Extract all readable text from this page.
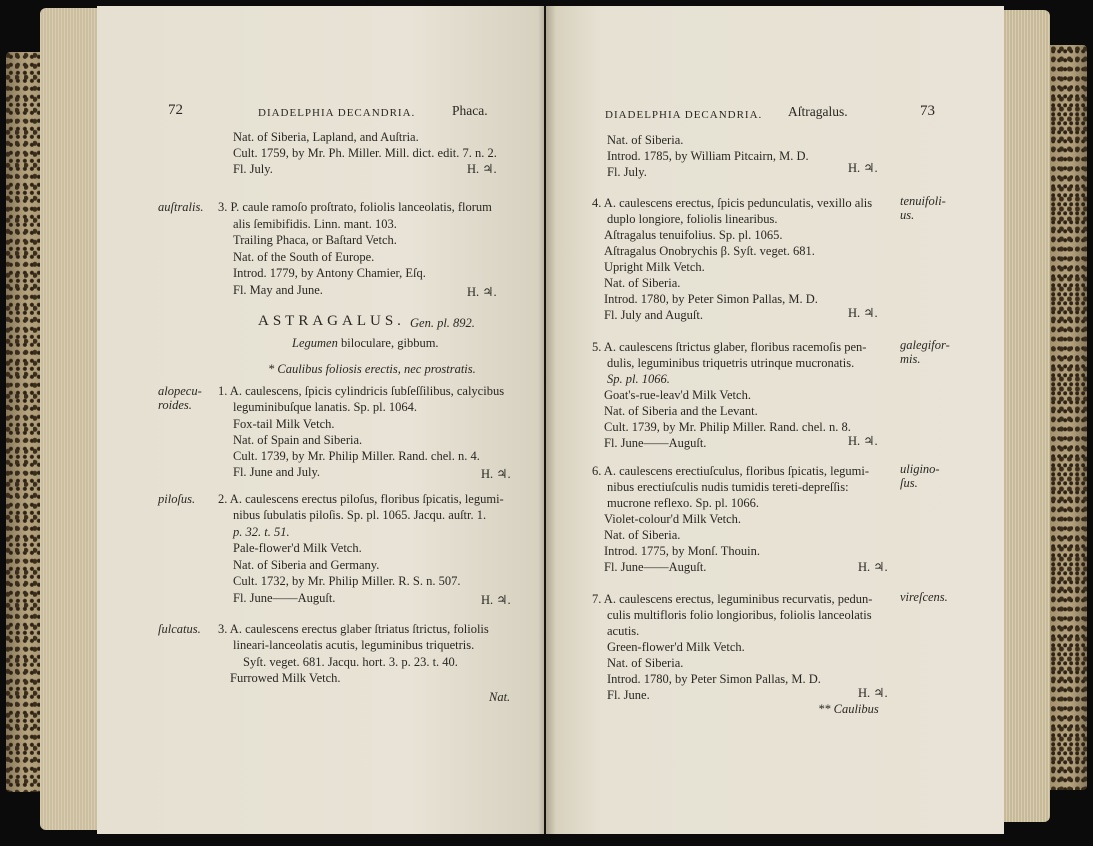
72	DIADELPHIA DECANDRIA.	Phaca.
Nat. of Siberia, Lapland, and Auſtria.
Cult. 1759, by Mr. Ph. Miller. Mill. dict. edit. 7. n. 2.
Fl. July.	H. ♃.
auſtralis. 3. P. caule ramoſo proſtrato, foliolis lanceolatis, florum
alis ſemibifidis. Linn. mant. 103.
Trailing Phaca, or Baſtard Vetch.
Nat. of the South of Europe.
Introd. 1779, by Antony Chamier, Eſq.
Fl. May and June.	H. ♃.
ASTRAGALUS. Gen. pl. 892.
Legumen biloculare, gibbum.
* Caulibus foliosis erectis, nec prostratis.
alopecu-
roides.
1. A. caulescens, ſpicis cylindricis ſubſeſſilibus, calycibus
leguminibuſque lanatis. Sp. pl. 1064.
Fox-tail Milk Vetch.
Nat. of Spain and Siberia.
Cult. 1739, by Mr. Philip Miller. Rand. chel. n. 4.
Fl. June and July.	H. ♃.
piloſus. 2. A. caulescens erectus piloſus, floribus ſpicatis, legumi-
nibus ſubulatis piloſis. Sp. pl. 1065. Jacqu. auſtr. 1.
p. 32. t. 51.
Pale-flower'd Milk Vetch.
Nat. of Siberia and Germany.
Cult. 1732, by Mr. Philip Miller. R. S. n. 507.
Fl. June——Auguſt.	H. ♃.
ſulcatus. 3. A. caulescens erectus glaber ſtriatus ſtrictus, foliolis
lineari-lanceolatis acutis, leguminibus triquetris.
Syſt. veget. 681. Jacqu. hort. 3. p. 23. t. 40.
Furrowed Milk Vetch.
Nat.
DIADELPHIA DECANDRIA. Aſtragalus.	73
Nat. of Siberia.
Introd. 1785, by William Pitcairn, M. D.
Fl. July.	H. ♃.
tenuifoli-
us.
4. A. caulescens erectus, ſpicis pedunculatis, vexillo alis
duplo longiore, foliolis linearibus.
Aſtragalus tenuifolius. Sp. pl. 1065.
Aſtragalus Onobrychis β. Syſt. veget. 681.
Upright Milk Vetch.
Nat. of Siberia.
Introd. 1780, by Peter Simon Pallas, M. D.
Fl. July and Auguſt.	H. ♃.
galegifor-
mis.
5. A. caulescens ſtrictus glaber, floribus racemoſis pen-
dulis, leguminibus triquetris utrinque mucronatis.
Sp. pl. 1066.
Goat's-rue-leav'd Milk Vetch.
Nat. of Siberia and the Levant.
Cult. 1739, by Mr. Philip Miller. Rand. chel. n. 8.
Fl. June——Auguſt.	H. ♃.
uligino-
ſus.
6. A. caulescens erectiuſculus, floribus ſpicatis, legumi-
nibus erectiuſculis nudis tumidis tereti-depreſſis:
mucrone reflexo. Sp. pl. 1066.
Violet-colour'd Milk Vetch.
Nat. of Siberia.
Introd. 1775, by Monſ. Thouin.
Fl. June——Auguſt.	H. ♃.
vireſcens.
7. A. caulescens erectus, leguminibus recurvatis, pedun-
culis multifloris folio longioribus, foliolis lanceolatis
acutis.
Green-flower'd Milk Vetch.
Nat. of Siberia.
Introd. 1780, by Peter Simon Pallas, M. D.
Fl. June.	H. ♃.
** Caulibus
